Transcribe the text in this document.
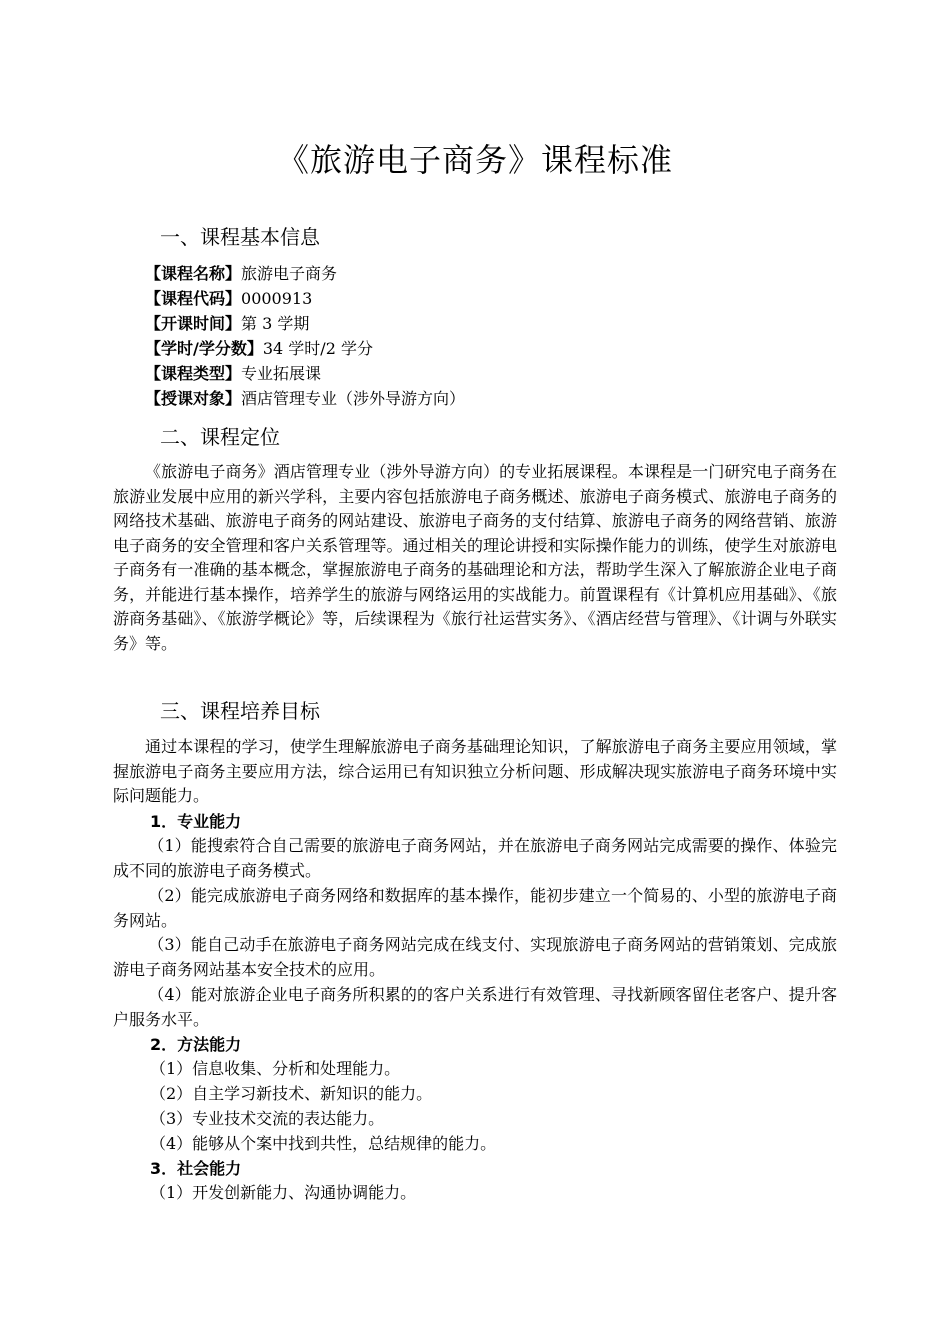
《旅游电子商务》课程标准
一、课程基本信息
【课程名称】旅游电子商务
【课程代码】0000913
【开课时间】第 3 学期
【学时/学分数】34 学时/2 学分
【课程类型】专业拓展课
【授课对象】酒店管理专业（涉外导游方向）
二、课程定位
《旅游电子商务》酒店管理专业（涉外导游方向）的专业拓展课程。本课程是一门研究电子商务在旅游业发展中应用的新兴学科，主要内容包括旅游电子商务概述、旅游电子商务模式、旅游电子商务的网络技术基础、旅游电子商务的网站建设、旅游电子商务的支付结算、旅游电子商务的网络营销、旅游电子商务的安全管理和客户关系管理等。通过相关的理论讲授和实际操作能力的训练，使学生对旅游电子商务有一准确的基本概念，掌握旅游电子商务的基础理论和方法，帮助学生深入了解旅游企业电子商务，并能进行基本操作，培养学生的旅游与网络运用的实战能力。前置课程有《计算机应用基础》、《旅游商务基础》、《旅游学概论》等，后续课程为《旅行社运营实务》、《酒店经营与管理》、《计调与外联实务》等。
三、课程培养目标
通过本课程的学习，使学生理解旅游电子商务基础理论知识，了解旅游电子商务主要应用领域，掌握旅游电子商务主要应用方法，综合运用已有知识独立分析问题、形成解决现实旅游电子商务环境中实际问题能力。
1．专业能力
（1）能搜索符合自己需要的旅游电子商务网站，并在旅游电子商务网站完成需要的操作、体验完成不同的旅游电子商务模式。
（2）能完成旅游电子商务网络和数据库的基本操作，能初步建立一个简易的、小型的旅游电子商务网站。
（3）能自己动手在旅游电子商务网站完成在线支付、实现旅游电子商务网站的营销策划、完成旅游电子商务网站基本安全技术的应用。
（4）能对旅游企业电子商务所积累的的客户关系进行有效管理、寻找新顾客留住老客户、提升客户服务水平。
2．方法能力
（1）信息收集、分析和处理能力。
（2）自主学习新技术、新知识的能力。
（3）专业技术交流的表达能力。
（4）能够从个案中找到共性，总结规律的能力。
3．社会能力
（1）开发创新能力、沟通协调能力。
